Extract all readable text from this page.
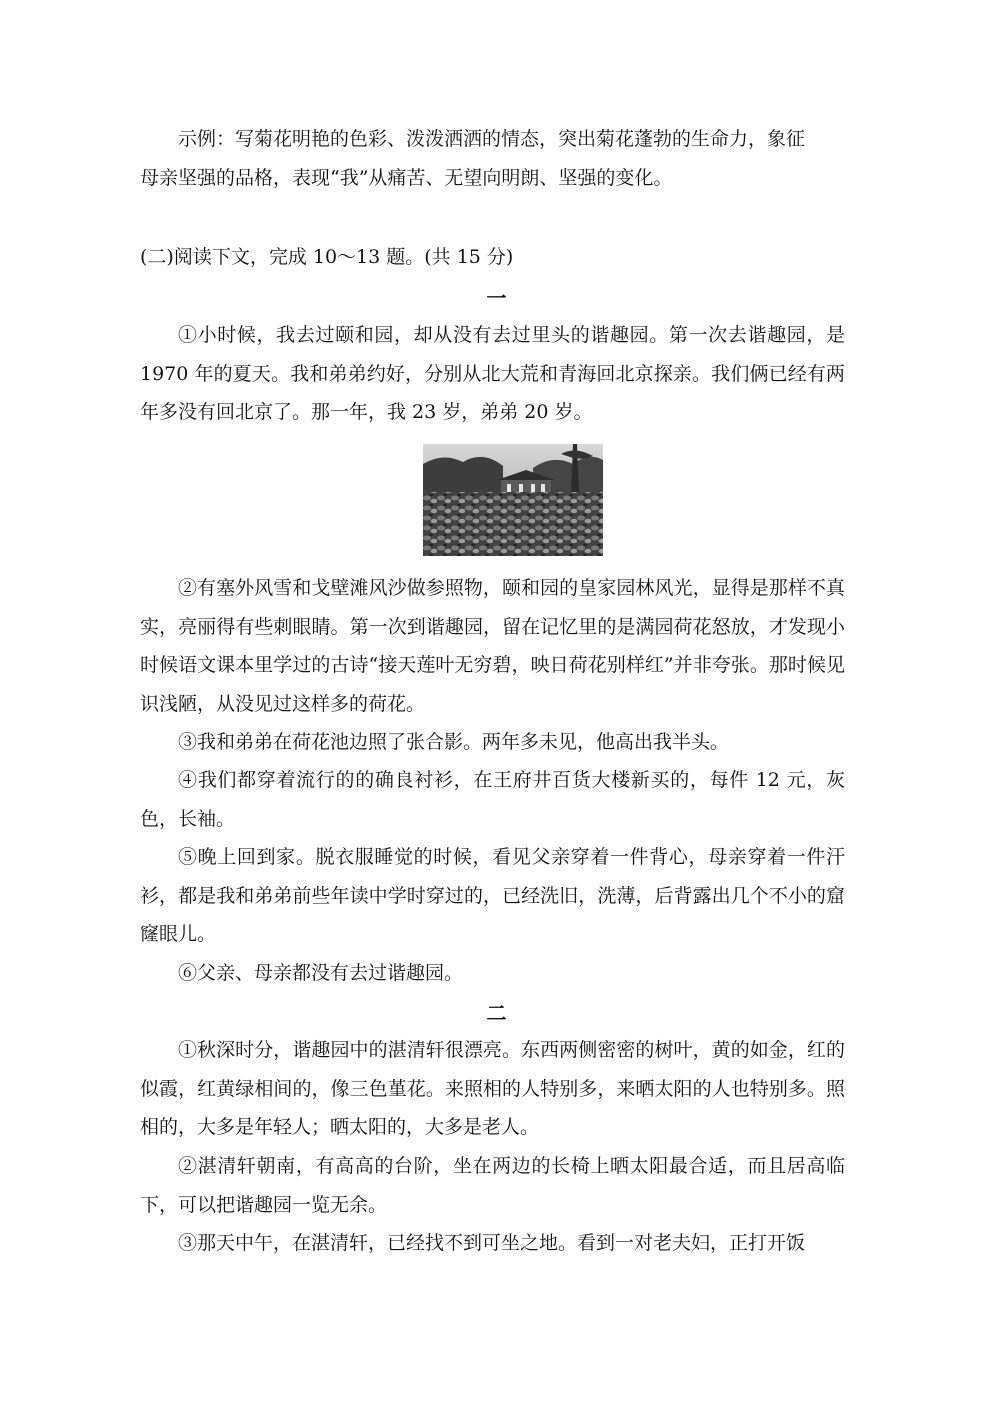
示例：写菊花明艳的色彩、泼泼洒洒的情态，突出菊花蓬勃的生命力，象征
母亲坚强的品格，表现“我”从痛苦、无望向明朗、坚强的变化。

(二)阅读下文，完成 10～13 题。(共 15 分)

一

①小时候，我去过颐和园，却从没有去过里头的谐趣园。第一次去谐趣园，是 1970 年的夏天。我和弟弟约好，分别从北大荒和青海回北京探亲。我们俩已经有两年多没有回北京了。那一年，我 23 岁，弟弟 20 岁。

②有塞外风雪和戈壁滩风沙做参照物，颐和园的皇家园林风光，显得是那样不真实，亮丽得有些刺眼睛。第一次到谐趣园，留在记忆里的是满园荷花怒放，才发现小时候语文课本里学过的古诗“接天莲叶无穷碧，映日荷花别样红”并非夸张。那时候见识浅陋，从没见过这样多的荷花。

③我和弟弟在荷花池边照了张合影。两年多未见，他高出我半头。

④我们都穿着流行的的确良衬衫，在王府井百货大楼新买的，每件 12 元，灰色，长袖。

⑤晚上回到家。脱衣服睡觉的时候，看见父亲穿着一件背心，母亲穿着一件汗衫，都是我和弟弟前些年读中学时穿过的，已经洗旧，洗薄，后背露出几个不小的窟窿眼儿。

⑥父亲、母亲都没有去过谐趣园。

二

①秋深时分，谐趣园中的湛清轩很漂亮。东西两侧密密的树叶，黄的如金，红的似霞，红黄绿相间的，像三色堇花。来照相的人特别多，来晒太阳的人也特别多。照相的，大多是年轻人；晒太阳的，大多是老人。

②湛清轩朝南，有高高的台阶，坐在两边的长椅上晒太阳最合适，而且居高临下，可以把谐趣园一览无余。

③那天中午，在湛清轩，已经找不到可坐之地。看到一对老夫妇，正打开饭
